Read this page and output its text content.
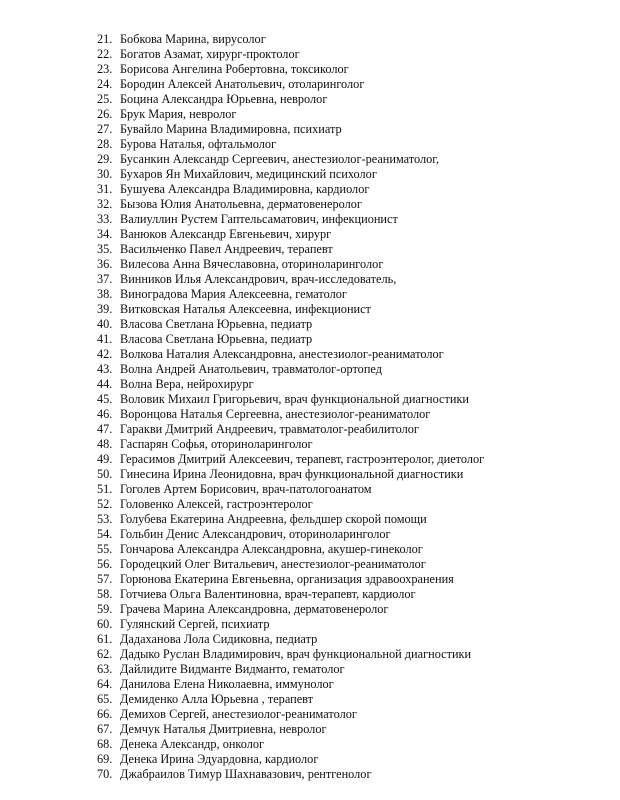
21. Бобкова Марина, вирусолог
22. Богатов Азамат, хирург-проктолог
23. Борисова Ангелина Робертовна, токсиколог
24. Бородин Алексей Анатольевич, отоларинголог
25. Боцина Александра Юрьевна, невролог
26. Брук Мария, невролог
27. Бувайло Марина Владимировна, психиатр
28. Бурова Наталья, офтальмолог
29. Бусанкин Александр Сергеевич, анестезиолог-реаниматолог,
30. Бухаров Ян Михайлович, медицинский психолог
31. Бушуева Александра Владимировна, кардиолог
32. Бызова Юлия Анатольевна, дерматовенеролог
33. Валиуллин Рустем Гаптельсаматович, инфекционист
34. Ванюков Александр Евгеньевич, хирург
35. Васильченко Павел Андреевич, терапевт
36. Вилесова Анна Вячеславовна, оториноларинголог
37. Винников Илья Александрович, врач-исследователь,
38. Виноградова Мария Алексеевна, гематолог
39. Витковская Наталья Алексеевна, инфекционист
40. Власова Светлана Юрьевна, педиатр
41. Власова Светлана Юрьевна, педиатр
42. Волкова Наталия Александровна, анестезиолог-реаниматолог
43. Волна Андрей Анатольевич, травматолог-ортопед
44. Волна Вера, нейрохирург
45. Воловик Михаил Григорьевич, врач функциональной диагностики
46. Воронцова Наталья Сергеевна, анестезиолог-реаниматолог
47. Гаракви Дмитрий Андреевич, травматолог-реабилитолог
48. Гаспарян Софья, оториноларинголог
49. Герасимов Дмитрий Алексеевич, терапевт, гастроэнтеролог, диетолог
50. Гинесина Ирина Леонидовна, врач функциональной диагностики
51. Гоголев Артем Борисович, врач-патологоанатом
52. Головенко Алексей, гастроэнтеролог
53. Голубева Екатерина Андреевна, фельдшер скорой помощи
54. Гольбин Денис Александрович, оториноларинголог
55. Гончарова Александра Александровна, акушер-гинеколог
56. Городецкий Олег Витальевич, анестезиолог-реаниматолог
57. Горюнова Екатерина Евгеньевна, организация здравоохранения
58. Готчиева Ольга Валентиновна, врач-терапевт, кардиолог
59. Грачева Марина Александровна, дерматовенеролог
60. Гулянский Сергей, психиатр
61. Дадаханова Лола Сидиковна, педиатр
62. Дадыко Руслан Владимирович, врач функциональной диагностики
63. Дайлидите Видманте Видманто, гематолог
64. Данилова Елена Николаевна, иммунолог
65. Демиденко Алла Юрьевна , терапевт
66. Демихов Сергей, анестезиолог-реаниматолог
67. Демчук Наталья Дмитриевна, невролог
68. Денека Александр, онколог
69. Денека Ирина Эдуардовна, кардиолог
70. Джабраилов Тимур Шахнавазович, рентгенолог
